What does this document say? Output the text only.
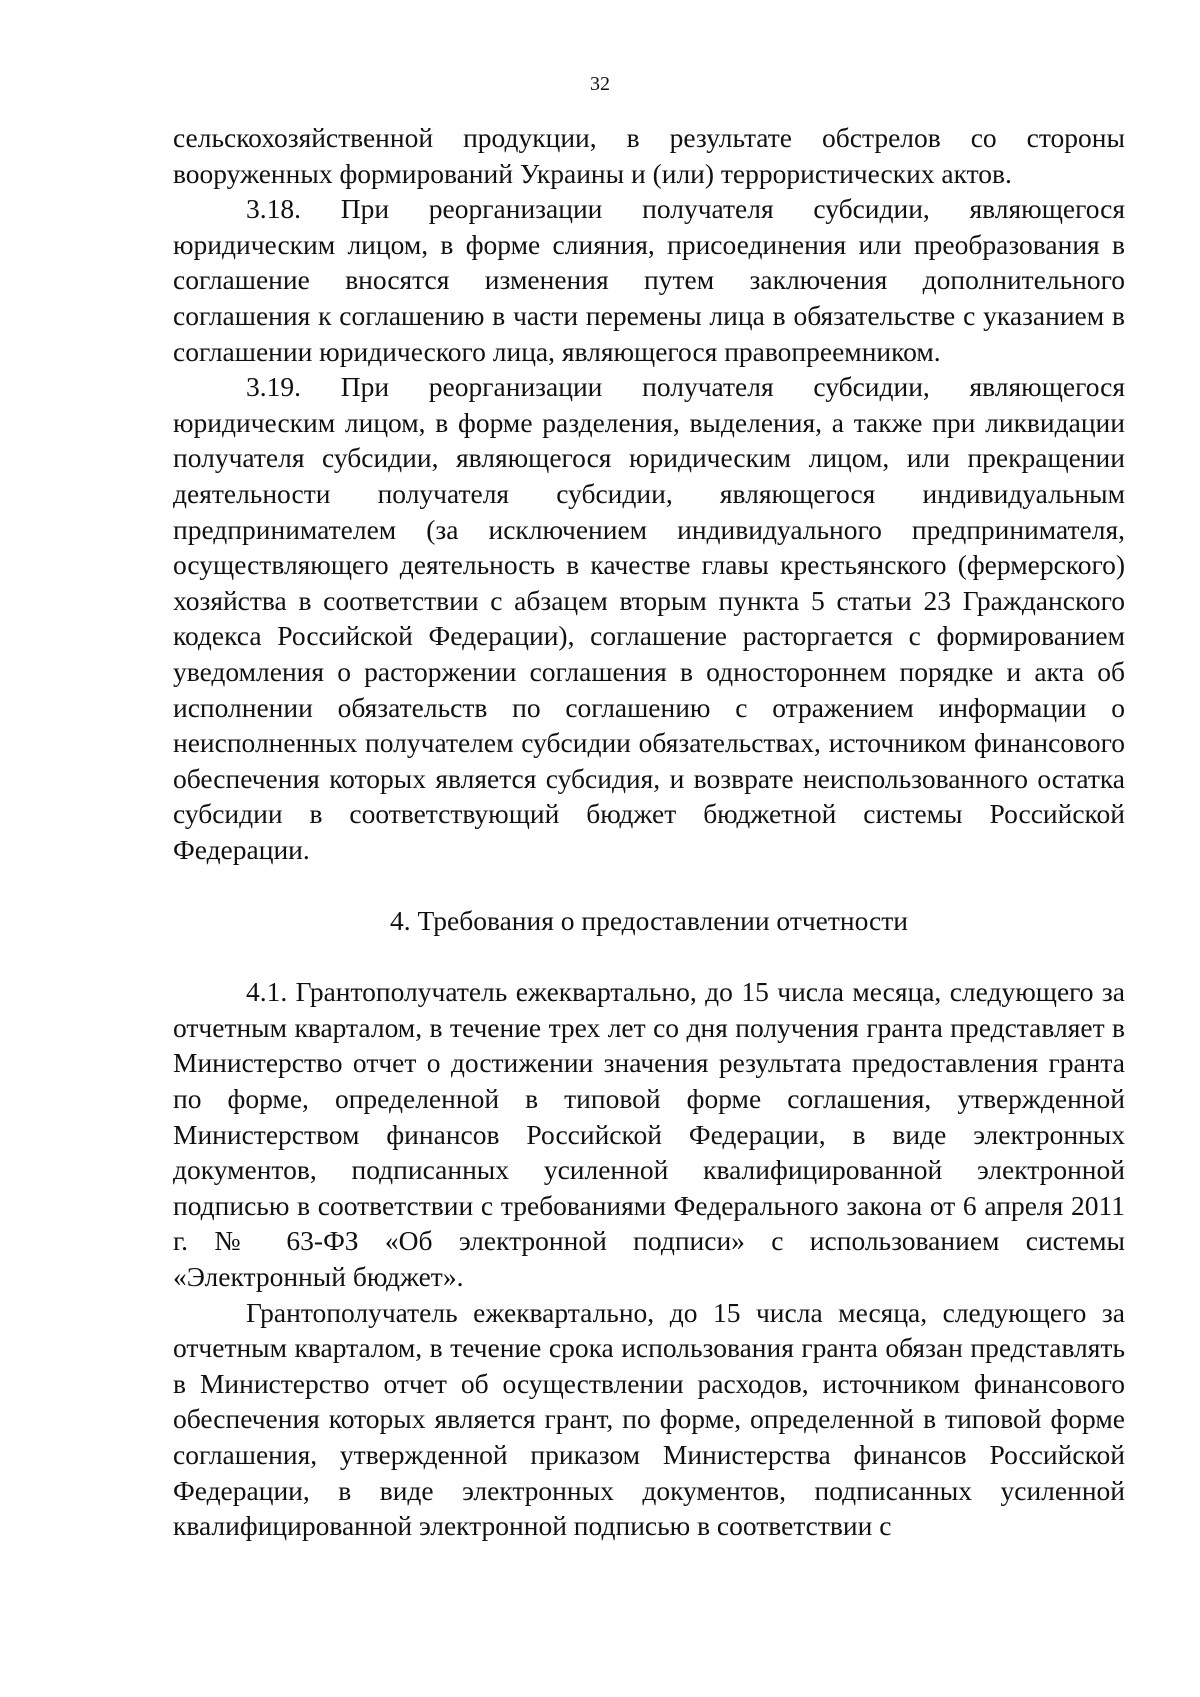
32

сельскохозяйственной продукции, в результате обстрелов со стороны вооруженных формирований Украины и (или) террористических актов.

3.18. При реорганизации получателя субсидии, являющегося юридическим лицом, в форме слияния, присоединения или преобразования в соглашение вносятся изменения путем заключения дополнительного соглашения к соглашению в части перемены лица в обязательстве с указанием в соглашении юридического лица, являющегося правопреемником.

3.19. При реорганизации получателя субсидии, являющегося юридическим лицом, в форме разделения, выделения, а также при ликвидации получателя субсидии, являющегося юридическим лицом, или прекращении деятельности получателя субсидии, являющегося индивидуальным предпринимателем (за исключением индивидуального предпринимателя, осуществляющего деятельность в качестве главы крестьянского (фермерского) хозяйства в соответствии с абзацем вторым пункта 5 статьи 23 Гражданского кодекса Российской Федерации), соглашение расторгается с формированием уведомления о расторжении соглашения в одностороннем порядке и акта об исполнении обязательств по соглашению с отражением информации о неисполненных получателем субсидии обязательствах, источником финансового обеспечения которых является субсидия, и возврате неиспользованного остатка субсидии в соответствующий бюджет бюджетной системы Российской Федерации.

4. Требования о предоставлении отчетности

4.1. Грантополучатель ежеквартально, до 15 числа месяца, следующего за отчетным кварталом, в течение трех лет со дня получения гранта представляет в Министерство отчет о достижении значения результата предоставления гранта по форме, определенной в типовой форме соглашения, утвержденной Министерством финансов Российской Федерации, в виде электронных документов, подписанных усиленной квалифицированной электронной подписью в соответствии с требованиями Федерального закона от 6 апреля 2011 г. № 63-ФЗ «Об электронной подписи» с использованием системы «Электронный бюджет».

Грантополучатель ежеквартально, до 15 числа месяца, следующего за отчетным кварталом, в течение срока использования гранта обязан представлять в Министерство отчет об осуществлении расходов, источником финансового обеспечения которых является грант, по форме, определенной в типовой форме соглашения, утвержденной приказом Министерства финансов Российской Федерации, в виде электронных документов, подписанных усиленной квалифицированной электронной подписью в соответствии с
